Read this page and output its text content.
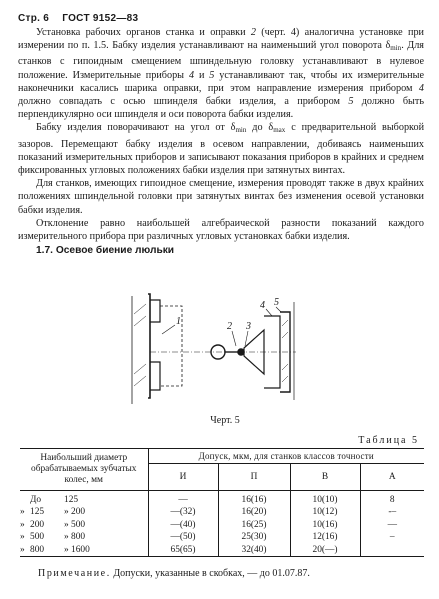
Стр. 6 ГОСТ 9152—83

Установка рабочих органов станка и оправки 2 (черт. 4) аналогична установке при измерении по п. 1.5. Бабку изделия устанавливают на наименьший угол поворота $\delta_{min}$. Для станков с гипоидным смещением шпиндельную головку устанавливают в нулевое положение. Измерительные приборы 4 и 5 устанавливают так, чтобы их измерительные наконечники касались шарика оправки, при этом направление измерения прибором 4 должно совпадать с осью шпинделя бабки изделия, а прибором 5 должно быть перпендикулярно оси шпинделя и оси поворота бабки изделия.

Бабку изделия поворачивают на угол от $\delta_{min}$ до $\delta_{max}$ с предварительной выборкой зазоров. Перемещают бабку изделия в осевом направлении, добиваясь наименьших показаний измерительных приборов и записывают показания приборов в крайних и среднем фиксированных угловых положениях бабки изделия при затянутых винтах.

Для станков, имеющих гипоидное смещение, измерения проводят также в двух крайних положениях шпиндельной головки при затянутых винтах без изменения осевой установки бабки изделия.

Отклонение равно наибольшей алгебраической разности показаний каждого измерительного прибора при различных угловых установках бабки изделия.

1.7. Осевое биение люльки
1	2 3
4 5
Черт. 5
Таблица 5
Наибольший диаметр обрабатываемых зубчатых колес, мм	Допуск, мкм, для станков классов точности			
	И	П	В	А
До 125	—	16(16)	10(10)	8
» 125 » 200	—(32)	16(20)	10(12)	-–
» 200 » 500	—(40)	16(25)	10(16)	—
» 500 » 800	—(50)	25(30)	12(16)	–
» 800 » 1600	65(65)	32(40)	20(—)	
Примечание. Допуски, указанные в скобках, — до 01.07.87.
